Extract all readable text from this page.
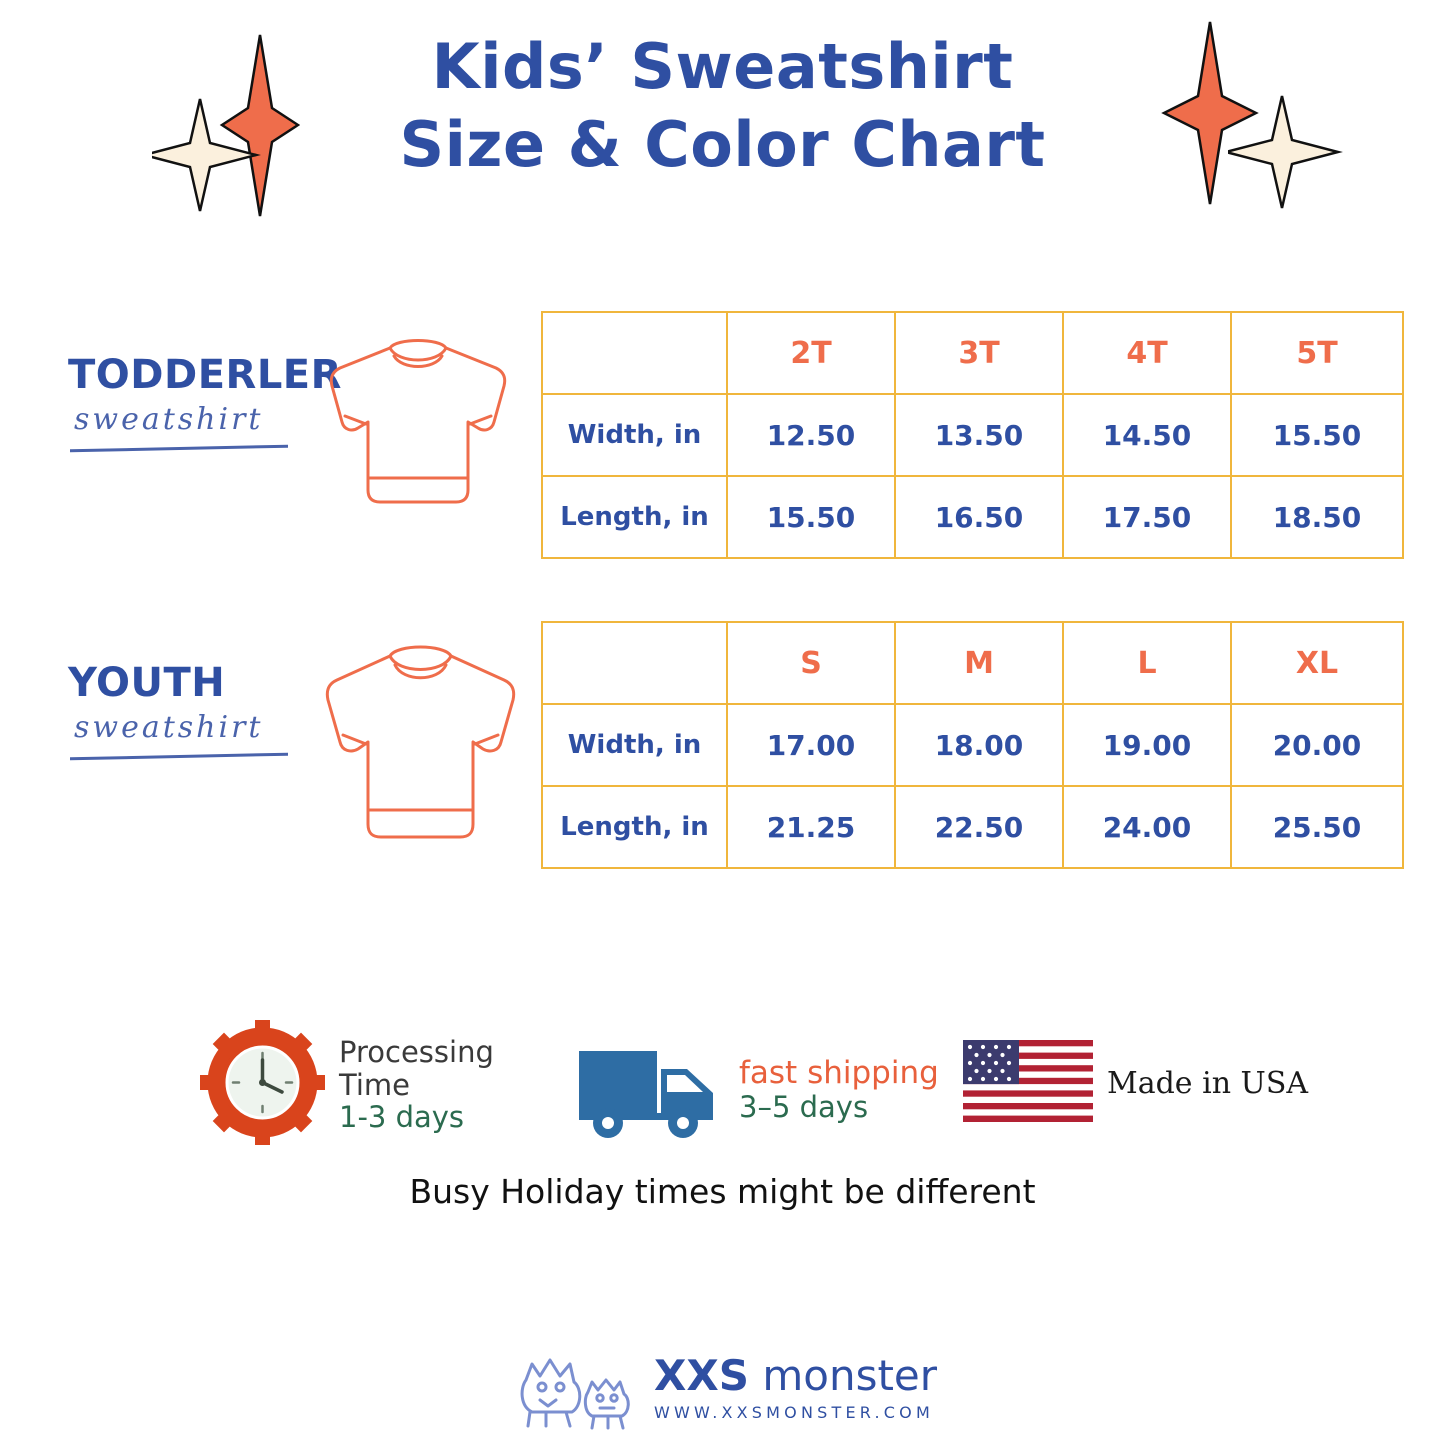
Kids’ Sweatshirt
Size & Color Chart
TODDERLER
sweatshirt
	2T	3T	4T	5T
Width, in	12.50	13.50	14.50	15.50
Length, in	15.50	16.50	17.50	18.50
YOUTH
sweatshirt
	S	M	L	XL
Width, in	17.00	18.00	19.00	20.00
Length, in	21.25	22.50	24.00	25.50
Processing
Time
1-3 days
fast shipping
3–5 days
Made in USA
Busy Holiday times might be different
XXS monster
WWW.XXSMONSTER.COM
